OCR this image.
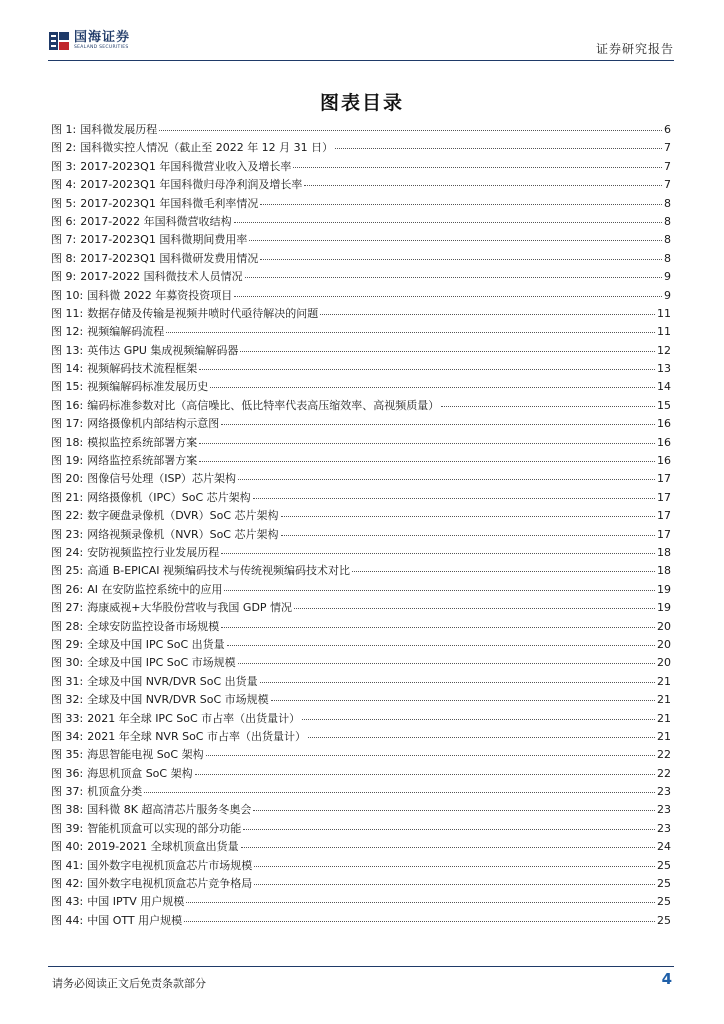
国海证券
SEALAND SECURITIES	证券研究报告
图表目录
图 1: 国科微发展历程	6
图 2: 国科微实控人情况（截止至 2022 年 12 月 31 日）	7
图 3: 2017-2023Q1 年国科微营业收入及增长率	7
图 4: 2017-2023Q1 年国科微归母净利润及增长率	7
图 5: 2017-2023Q1 年国科微毛利率情况	8
图 6: 2017-2022 年国科微营收结构	8
图 7: 2017-2023Q1 国科微期间费用率	8
图 8: 2017-2023Q1 国科微研发费用情况	8
图 9: 2017-2022 国科微技术人员情况	9
图 10: 国科微 2022 年募资投资项目	9
图 11: 数据存储及传输是视频井喷时代亟待解决的问题	11
图 12: 视频编解码流程	11
图 13: 英伟达 GPU 集成视频编解码器	12
图 14: 视频解码技术流程框架	13
图 15: 视频编解码标准发展历史	14
图 16: 编码标准参数对比（高信噪比、低比特率代表高压缩效率、高视频质量）	15
图 17: 网络摄像机内部结构示意图	16
图 18: 模拟监控系统部署方案	16
图 19: 网络监控系统部署方案	16
图 20: 图像信号处理（ISP）芯片架构	17
图 21: 网络摄像机（IPC）SoC 芯片架构	17
图 22: 数字硬盘录像机（DVR）SoC 芯片架构	17
图 23: 网络视频录像机（NVR）SoC 芯片架构	17
图 24: 安防视频监控行业发展历程	18
图 25: 高通 B-EPICAI 视频编码技术与传统视频编码技术对比	18
图 26: AI 在安防监控系统中的应用	19
图 27: 海康威视+大华股份营收与我国 GDP 情况	19
图 28: 全球安防监控设备市场规模	20
图 29: 全球及中国 IPC SoC 出货量	20
图 30: 全球及中国 IPC SoC 市场规模	20
图 31: 全球及中国 NVR/DVR SoC 出货量	21
图 32: 全球及中国 NVR/DVR SoC 市场规模	21
图 33: 2021 年全球 IPC SoC 市占率（出货量计）	21
图 34: 2021 年全球 NVR SoC 市占率（出货量计）	21
图 35: 海思智能电视 SoC 架构	22
图 36: 海思机顶盒 SoC 架构	22
图 37: 机顶盒分类	23
图 38: 国科微 8K 超高清芯片服务冬奥会	23
图 39: 智能机顶盒可以实现的部分功能	23
图 40: 2019-2021 全球机顶盒出货量	24
图 41: 国外数字电视机顶盒芯片市场规模	25
图 42: 国外数字电视机顶盒芯片竞争格局	25
图 43: 中国 IPTV 用户规模	25
图 44: 中国 OTT 用户规模	25
请务必阅读正文后免责条款部分	4
